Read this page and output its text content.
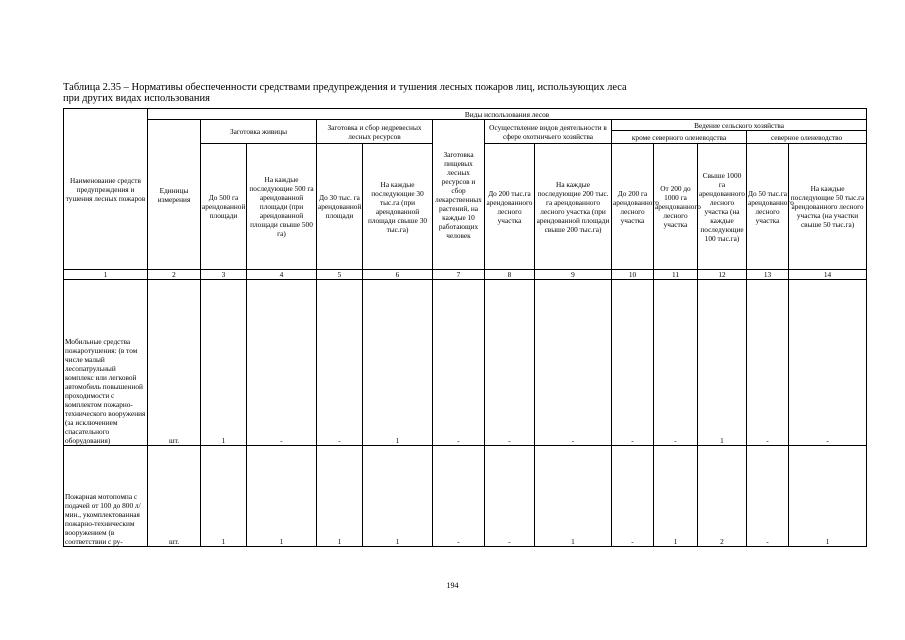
Таблица 2.35 – Нормативы обеспеченности средствами предупреждения и тушения лесных пожаров лиц, использующих леса
при других видах использования
Наименование средств предупреждения и тушения лесных пожаров	Виды использования лесов												
	Единицы измерения	Заготовка живицы		Заготовка и сбор недревесных лесных ресурсов		Заготовка пищевых лесных ресурсов и сбор лекарственных растений, на каждые 10 работающих человек	Осуществление видов деятельности в сфере охотничьего хозяйства		Ведение сельского хозяйства				
									кроме северного оленеводства			северное оленеводство	
		До 500 га арендованной площади	На каждые последующие 500 га арендованной площади (при арендованной площади свыше 500 га)	До 30 тыс. га арендованной площади	На каждые последующие 30 тыс.га (при арендованной площади свыше 30 тыс.га)		До 200 тыс.га арендованного лесного участка	На каждые последующие 200 тыс. га арендованного лесного участка (при арендованной площади свыше 200 тыс.га)	До 200 га арендованного лесного участка	От 200 до 1000 га арендованного лесного участка	Свыше 1000 га арендованного лесного участка (на каждые последующие 100 тыс.га)	До 50 тыс.га арендованного лесного участка	На каждые последующие 50 тыс.га арендованного лесного участка (на участки свыше 50 тыс.га)
1	2	3	4	5	6	7	8	9	10	11	12	13	14
Мобильные средства пожаротушения: (в том числе малый лесопатрульный комплекс или легковой автомобиль повышенной проходимости с комплектом пожарно-технического вооружения (за исключением спасательного оборудования)	шт.	1	-	-	1	-	-	-	-	-	1	-	-
Пожарная мотопомпа с подачей от 100 до 800 л/мин., укомплектованная пожарно-техническим вооружением (в соответствии с ру-	шт.	1	1	1	1	-	-	1	-	1	2	-	1
194
